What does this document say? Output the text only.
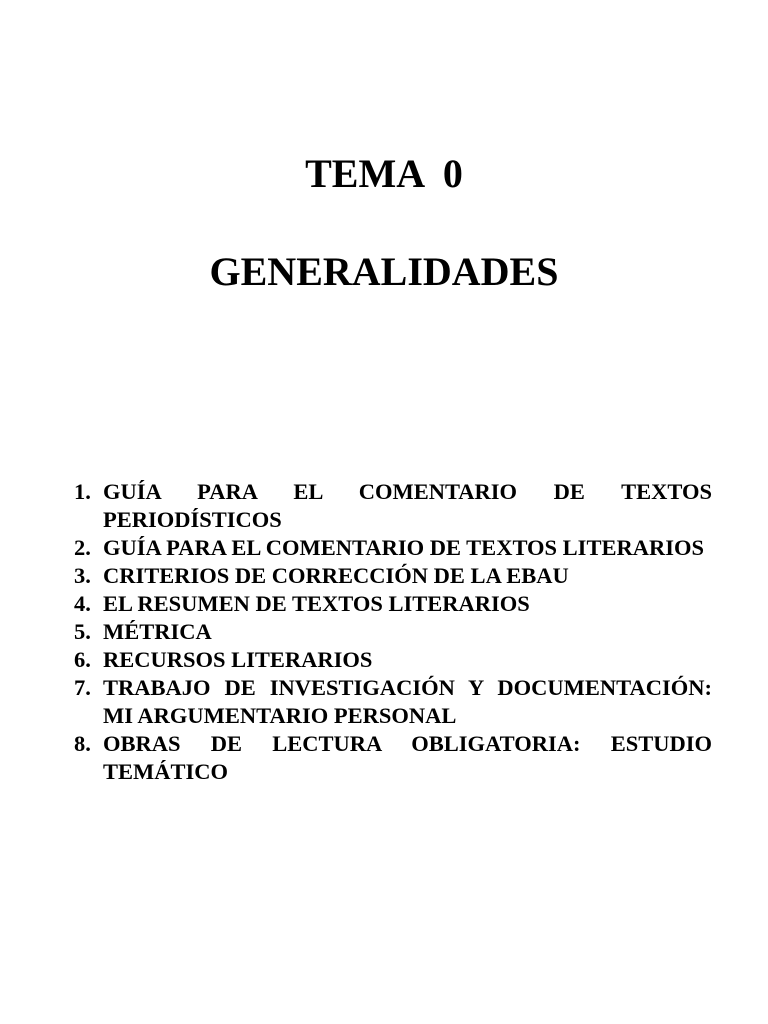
TEMA  0
GENERALIDADES
1. GUÍA PARA EL COMENTARIO DE TEXTOS PERIODÍSTICOS
2. GUÍA PARA EL COMENTARIO DE TEXTOS LITERARIOS
3. CRITERIOS DE CORRECCIÓN DE LA EBAU
4. EL RESUMEN DE TEXTOS LITERARIOS
5. MÉTRICA
6. RECURSOS LITERARIOS
7. TRABAJO DE INVESTIGACIÓN Y DOCUMENTACIÓN: MI ARGUMENTARIO PERSONAL
8. OBRAS DE LECTURA OBLIGATORIA: ESTUDIO TEMÁTICO
